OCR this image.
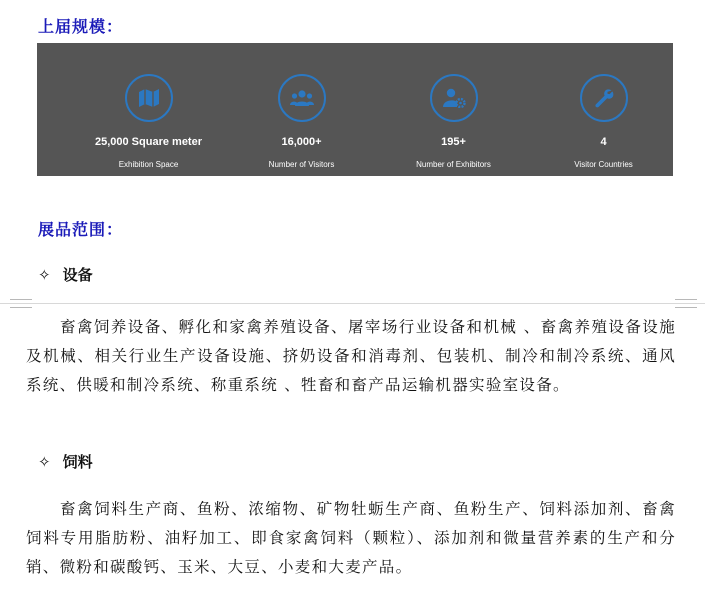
上届规模：
25,000 Square meter
Exhibition Space
16,000+
Number of Visitors
195+
Number of Exhibitors
4
Visitor Countries
展品范围：
✧ 设备

畜禽饲养设备、孵化和家禽养殖设备、屠宰场行业设备和机械 、畜禽养殖设备设施及机械、相关行业生产设备设施、挤奶设备和消毒剂、包装机、制冷和制冷系统、通风系统、供暖和制冷系统、称重系统 、牲畜和畜产品运输机器实验室设备。

✧ 饲料

畜禽饲料生产商、鱼粉、浓缩物、矿物牡蛎生产商、鱼粉生产、饲料添加剂、畜禽饲料专用脂肪粉、油籽加工、即食家禽饲料（颗粒）、添加剂和微量营养素的生产和分销、微粉和碳酸钙、玉米、大豆、小麦和大麦产品。
